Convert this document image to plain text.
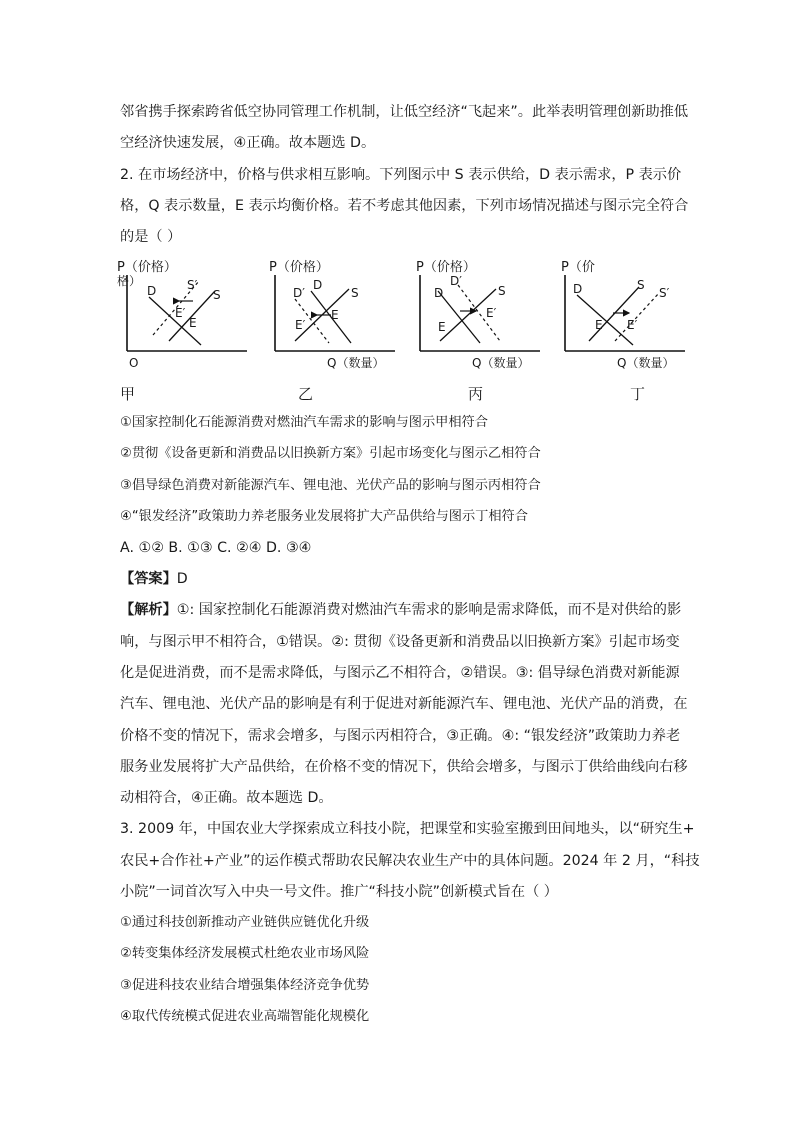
邻省携手探索跨省低空协同管理工作机制，让低空经济“飞起来”。此举表明管理创新助推低
空经济快速发展，④正确。故本题选 D。
2. 在市场经济中，价格与供求相互影响。下列图示中 S 表示供给，D 表示需求，P 表示价
格，Q 表示数量，E 表示均衡价格。若不考虑其他因素，下列市场情况描述与图示完全符合
的是（ ）
P（价格）
格）
O
D	S′
S
E′
E
P（价格）
Q（数量）
D′
D
S
E′
E
P（价格）
Q（数量）
D
D′
S
E
E′
P（价
Q（数量）
D	S
S′
E E′
甲	乙	丙	丁
①国家控制化石能源消费对燃油汽车需求的影响与图示甲相符合
②贯彻《设备更新和消费品以旧换新方案》引起市场变化与图示乙相符合
③倡导绿色消费对新能源汽车、锂电池、光伏产品的影响与图示丙相符合
④“银发经济”政策助力养老服务业发展将扩大产品供给与图示丁相符合
A. ①② B. ①③ C. ②④ D. ③④
【答案】D
【解析】①: 国家控制化石能源消费对燃油汽车需求的影响是需求降低，而不是对供给的影
响，与图示甲不相符合，①错误。②: 贯彻《设备更新和消费品以旧换新方案》引起市场变
化是促进消费，而不是需求降低，与图示乙不相符合，②错误。③: 倡导绿色消费对新能源
汽车、锂电池、光伏产品的影响是有利于促进对新能源汽车、锂电池、光伏产品的消费，在
价格不变的情况下，需求会增多，与图示丙相符合，③正确。④: “银发经济”政策助力养老
服务业发展将扩大产品供给，在价格不变的情况下，供给会增多，与图示丁供给曲线向右移
动相符合，④正确。故本题选 D。
3. 2009 年，中国农业大学探索成立科技小院，把课堂和实验室搬到田间地头，以“研究生+
农民+合作社+产业”的运作模式帮助农民解决农业生产中的具体问题。2024 年 2 月，“科技
小院”一词首次写入中央一号文件。推广“科技小院”创新模式旨在（ ）
①通过科技创新推动产业链供应链优化升级
②转变集体经济发展模式杜绝农业市场风险
③促进科技农业结合增强集体经济竞争优势
④取代传统模式促进农业高端智能化规模化
